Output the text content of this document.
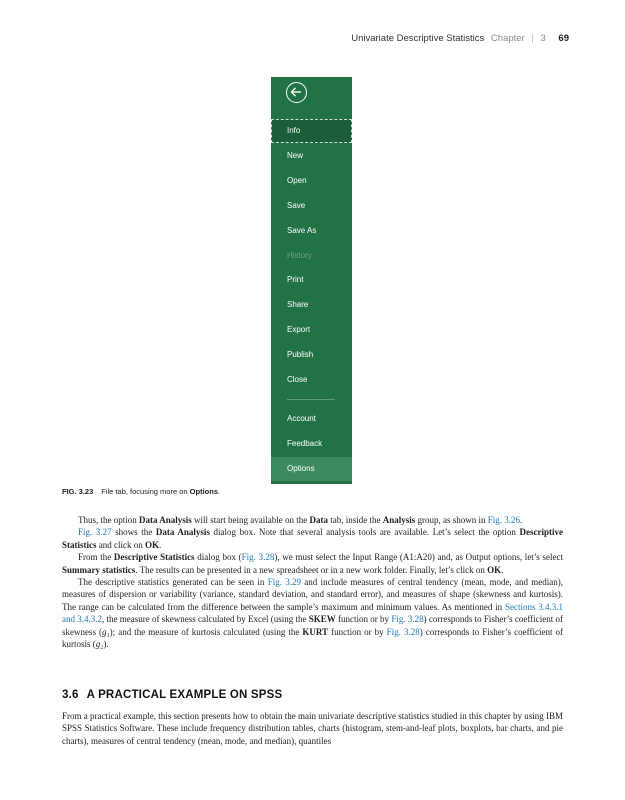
Univariate Descriptive Statistics Chapter | 3 69
Info
New
Open
Save
Save As
History
Print
Share
Export
Publish
Close
Account
Feedback
Options
FIG. 3.23 File tab, focusing more on Options.

Thus, the option Data Analysis will start being available on the Data tab, inside the Analysis group, as shown in Fig. 3.26.

Fig. 3.27 shows the Data Analysis dialog box. Note that several analysis tools are available. Let’s select the option Descriptive Statistics and click on OK.

From the Descriptive Statistics dialog box (Fig. 3.28), we must select the Input Range (A1:A20) and, as Output options, let’s select Summary statistics. The results can be presented in a new spreadsheet or in a new work folder. Finally, let’s click on OK.

The descriptive statistics generated can be seen in Fig. 3.29 and include measures of central tendency (mean, mode, and median), measures of dispersion or variability (variance, standard deviation, and standard error), and measures of shape (skewness and kurtosis). The range can be calculated from the difference between the sample’s maximum and minimum values. As mentioned in Sections 3.4.3.1 and 3.4.3.2, the measure of skewness calculated by Excel (using the SKEW function or by Fig. 3.28) corresponds to Fisher’s coefficient of skewness (g₁); and the measure of kurtosis calculated (using the KURT function or by Fig. 3.28) corresponds to Fisher’s coefficient of kurtosis (g₂).

3.6 A PRACTICAL EXAMPLE ON SPSS

From a practical example, this section presents how to obtain the main univariate descriptive statistics studied in this chapter by using IBM SPSS Statistics Software. These include frequency distribution tables, charts (histogram, stem-and-leaf plots, boxplots, bar charts, and pie charts), measures of central tendency (mean, mode, and median), quantiles
